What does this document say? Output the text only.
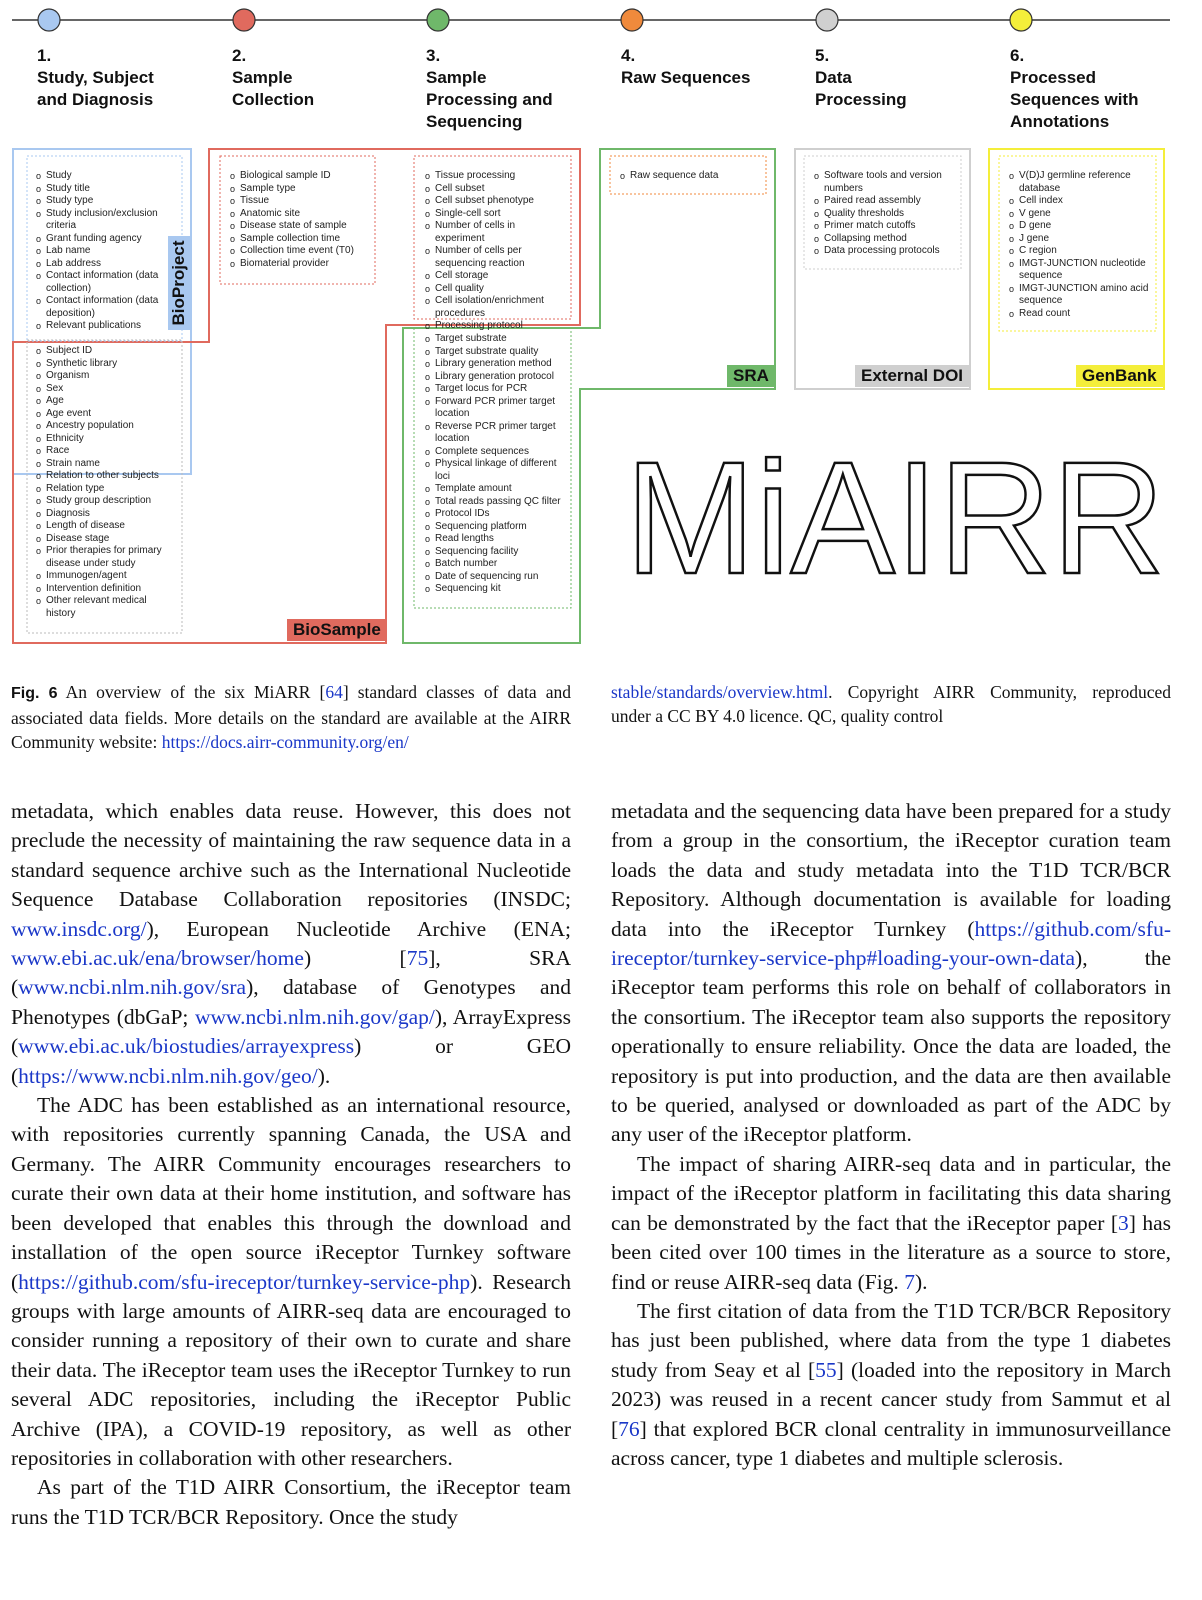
1.
Study, Subject
and Diagnosis
2.
Sample
Collection
3.
Sample
Processing and
Sequencing
4.
Raw Sequences
5.
Data
Processing
6.
Processed
Sequences with
Annotations
o Study
o Study title
o Study type
o Study inclusion/exclusion criteria
o Grant funding agency
o Lab name
o Lab address
o Contact information (data collection)
o Contact information (data deposition)
o Relevant publications
o Subject ID
o Synthetic library
o Organism
o Sex
o Age
o Age event
o Ancestry population
o Ethnicity
o Race
o Strain name
o Relation to other subjects
o Relation type
o Study group description
o Diagnosis
o Length of disease
o Disease stage
o Prior therapies for primary disease under study
o Immunogen/agent
o Intervention definition
o Other relevant medical history
o Biological sample ID
o Sample type
o Tissue
o Anatomic site
o Disease state of sample
o Sample collection time
o Collection time event (T0)
o Biomaterial provider
o Tissue processing
o Cell subset
o Cell subset phenotype
o Single-cell sort
o Number of cells in experiment
o Number of cells per sequencing reaction
o Cell storage
o Cell quality
o Cell isolation/enrichment procedures
o Processing protocol
o Target substrate
o Target substrate quality
o Library generation method
o Library generation protocol
o Target locus for PCR
o Forward PCR primer target location
o Reverse PCR primer target location
o Complete sequences
o Physical linkage of different loci
o Template amount
o Total reads passing QC filter
o Protocol IDs
o Sequencing platform
o Read lengths
o Sequencing facility
o Batch number
o Date of sequencing run
o Sequencing kit
o Raw sequence data
o	Software tools and version numbers
o Paired read assembly
o Quality thresholds
o Primer match cutoffs
o Collapsing method
o Data processing protocols
o V(D)J germline reference database
o Cell index
o V gene
o D gene
o J gene
o C region
o IMGT-JUNCTION nucleotide sequence
o IMGT-JUNCTION amino acid sequence
o Read count
BioProject
BioSample
SRA	External DOI	GenBank
MiAIRR
Fig. 6 An overview of the six MiARR [64] standard classes of data and associated data fields. More details on the standard are available at the AIRR Community website: https://docs.airr-community.org/en/
stable/standards/overview.html. Copyright AIRR Community, reproduced under a CC BY 4.0 licence. QC, quality control

metadata, which enables data reuse. However, this does not preclude the necessity of maintaining the raw sequence data in a standard sequence archive such as the International Nucleotide Sequence Database Collaboration repositories (INSDC; www.insdc.org/), European Nucleotide Archive (ENA; www.ebi.ac.uk/ena/browser/home) [75], SRA (www.ncbi.nlm.nih.gov/sra), database of Genotypes and Phenotypes (dbGaP; www.ncbi.nlm.nih.gov/gap/), ArrayExpress (www.ebi.ac.uk/biostudies/arrayexpress) or GEO (https://www.ncbi.nlm.nih.gov/geo/).

The ADC has been established as an international resource, with repositories currently spanning Canada, the USA and Germany. The AIRR Community encourages researchers to curate their own data at their home institution, and software has been developed that enables this through the download and installation of the open source iReceptor Turnkey software (https://github.com/sfu-ireceptor/turnkey-service-php). Research groups with large amounts of AIRR-seq data are encouraged to consider running a repository of their own to curate and share their data. The iReceptor team uses the iReceptor Turnkey to run several ADC repositories, including the iReceptor Public Archive (IPA), a COVID-19 repository, as well as other repositories in collaboration with other researchers.

As part of the T1D AIRR Consortium, the iReceptor team runs the T1D TCR/BCR Repository. Once the study

metadata and the sequencing data have been prepared for a study from a group in the consortium, the iReceptor curation team loads the data and study metadata into the T1D TCR/BCR Repository. Although documentation is available for loading data into the iReceptor Turnkey (https://github.com/sfu-ireceptor/turnkey-service-php#loading-your-own-data), the iReceptor team performs this role on behalf of collaborators in the consortium. The iReceptor team also supports the repository operationally to ensure reliability. Once the data are loaded, the repository is put into production, and the data are then available to be queried, analysed or downloaded as part of the ADC by any user of the iReceptor platform.

The impact of sharing AIRR-seq data and in particular, the impact of the iReceptor platform in facilitating this data sharing can be demonstrated by the fact that the iReceptor paper [3] has been cited over 100 times in the literature as a source to store, find or reuse AIRR-seq data (Fig. 7).

The first citation of data from the T1D TCR/BCR Repository has just been published, where data from the type 1 diabetes study from Seay et al [55] (loaded into the repository in March 2023) was reused in a recent cancer study from Sammut et al [76] that explored BCR clonal centrality in immunosurveillance across cancer, type 1 diabetes and multiple sclerosis.
